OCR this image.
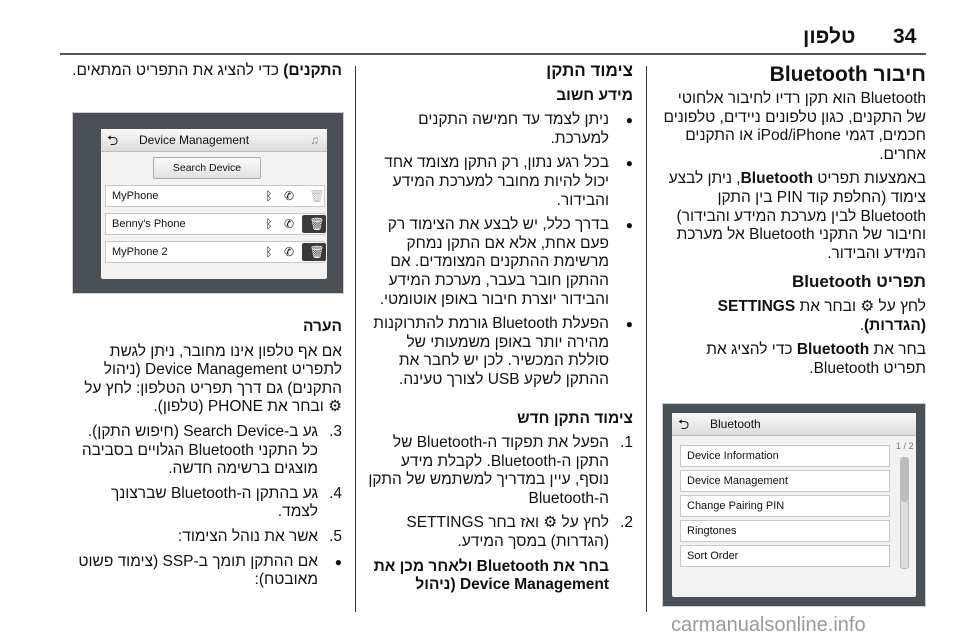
טלפון 34

חיבור Bluetooth

Bluetooth הוא תקן רדיו לחיבור אלחוטי של התקנים, כגון טלפונים ניידים, טלפונים חכמים, דגמי iPod/iPhone או התקנים אחרים.

באמצעות תפריט Bluetooth, ניתן לבצע צימוד (החלפת קוד PIN בין התקן Bluetooth לבין מערכת המידע והבידור) וחיבור של התקני Bluetooth אל מערכת המידע והבידור.

תפריט Bluetooth

לחץ על ⚙ ובחר את SETTINGS (הגדרות).

בחר את Bluetooth כדי להציג את תפריט Bluetooth.

⮌ Bluetooth
Device Information
Device Management
Change Pairing PIN
Ringtones
Sort Order
1 / 2

צימוד התקן

מידע חשוב

●

ניתן לצמד עד חמישה התקנים למערכת.

●

בכל רגע נתון, רק התקן מצומד אחד יכול להיות מחובר למערכת המידע והבידור.

●

בדרך כלל, יש לבצע את הצימוד רק פעם אחת, אלא אם התקן נמחק מרשימת ההתקנים המצומדים. אם ההתקן חובר בעבר, מערכת המידע והבידור יוצרת חיבור באופן אוטומטי.

●

הפעלת Bluetooth גורמת להתרוקנות מהירה יותר באופן משמעותי של סוללת המכשיר. לכן יש לחבר את ההתקן לשקע USB לצורך טעינה.

צימוד התקן חדש

1.

הפעל את תפקוד ה-Bluetooth של התקן ה-Bluetooth. לקבלת מידע נוסף, עיין במדריך למשתמש של התקן ה-Bluetooth

2.

לחץ על ⚙ ואז בחר SETTINGS (הגדרות) במסך המידע.

בחר את Bluetooth ולאחר מכן את Device Management (ניהול

התקנים) כדי להציג את התפריט המתאים.

⮌ Device Management	♫
Search Device
MyPhone	ᛒ ✆	🗑
Benny's Phone	ᛒ ✆	🗑
MyPhone 2	ᛒ ✆	🗑

הערה

אם אף טלפון אינו מחובר, ניתן לגשת לתפריט Device Management (ניהול התקנים) גם דרך תפריט הטלפון: לחץ על ⚙ ובחר את PHONE (טלפון).

3.

גע ב-Search Device (חיפוש התקן). כל התקני Bluetooth הגלויים בסביבה מוצגים ברשימה חדשה.

4.

גע בהתקן ה-Bluetooth שברצונך לצמד.

5.

אשר את נוהל הצימוד:

●

אם ההתקן תומך ב-SSP (צימוד פשוט מאובטח):

carmanualsonline.info
